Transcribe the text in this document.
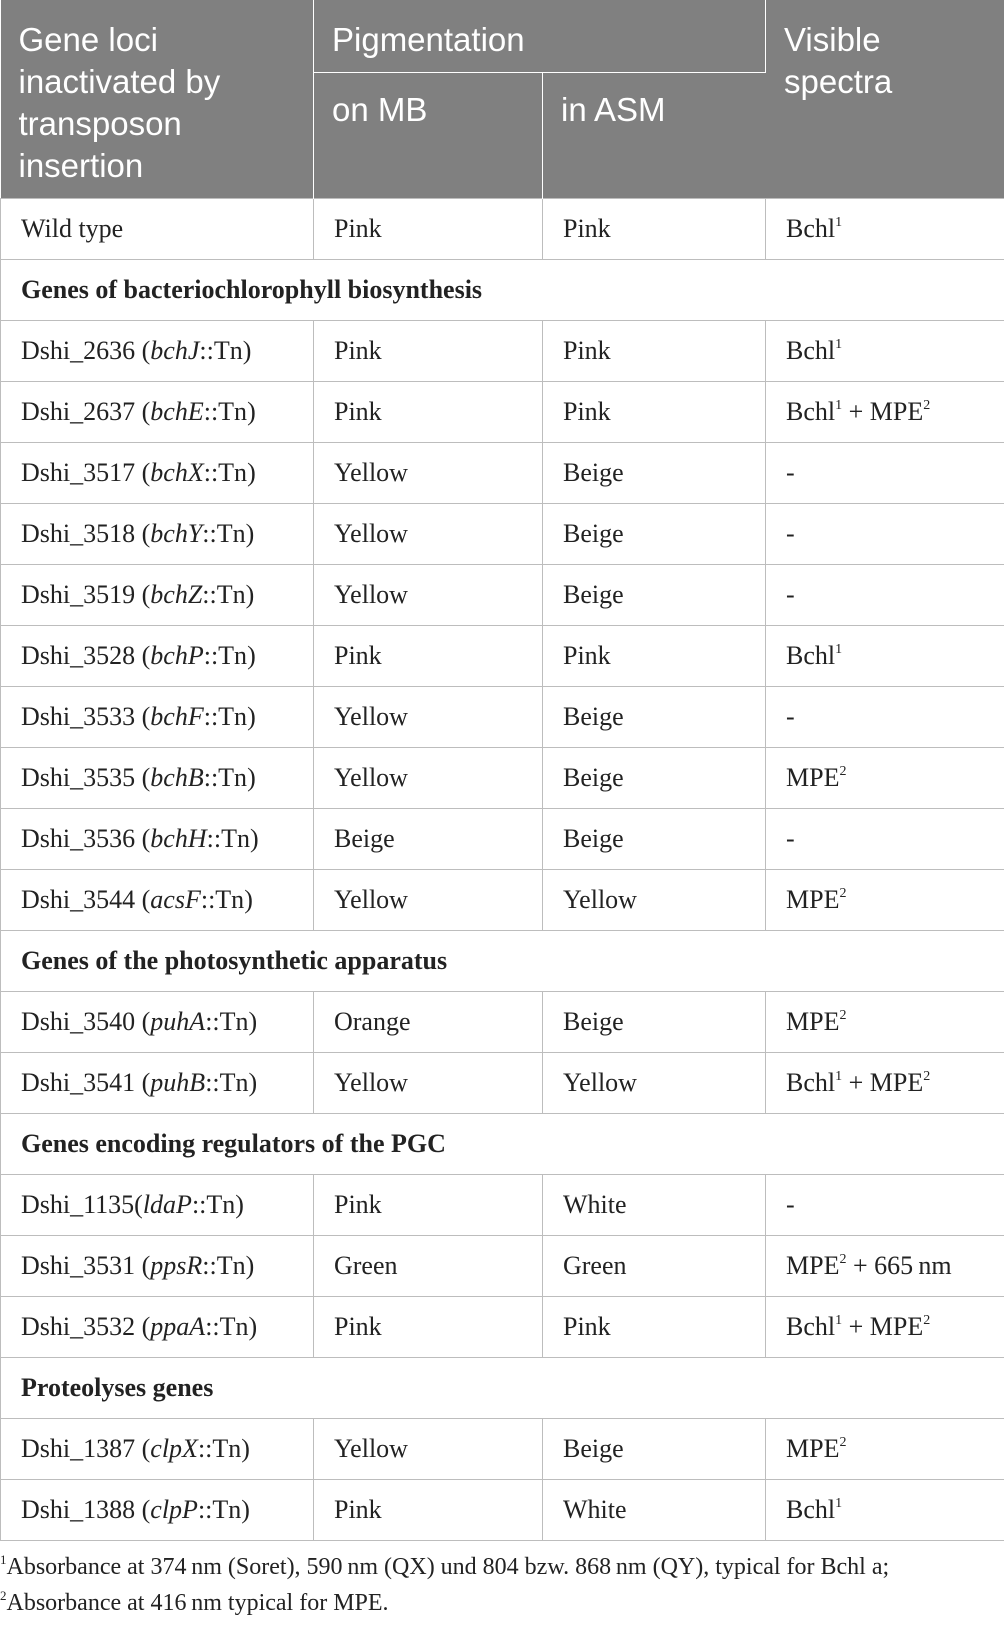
Gene loci inactivated by transposon insertion	Pigmentation		Visible spectra
	on MB	in ASM	
Wild type	Pink	Pink	Bchl$^1$
Genes of bacteriochlorophyll biosynthesis			
Dshi_2636 (bchJ::Tn)	Pink	Pink	Bchl$^1$
Dshi_2637 (bchE::Tn)	Pink	Pink	Bchl$^1$ + $MPE^2$
Dshi_3517 (bchX::Tn)	Yellow	Beige	-
Dshi_3518 (bchY::Tn)	Yellow	Beige	-
Dshi_3519 (bchZ::Tn)	Yellow	Beige	-
Dshi_3528 (bchP::Tn)	Pink	Pink	Bchl$^1$
Dshi_3533 (bchF::Tn)	Yellow	Beige	-
Dshi_3535 (bchB::Tn)	Yellow	Beige	MPE$^2$
Dshi_3536 (bchH::Tn)	Beige	Beige	-
Dshi_3544 (acsF::Tn)	Yellow	Yellow	MPE$^2$
Genes of the photosynthetic apparatus			
Dshi_3540 (puhA::Tn)	Orange	Beige	MPE$^2$
Dshi_3541 (puhB::Tn)	Yellow	Yellow	Bchl$^1$ + $MPE^2$
Genes encoding regulators of the PGC			
Dshi_1135(ldaP::Tn)	Pink	White	-
Dshi_3531 (ppsR::Tn)	Green	Green	$MPE^2 + 665$ nm
Dshi_3532 (ppaA::Tn)	Pink	Pink	Bchl$^1$ + $MPE^2$
Proteolyses genes			
Dshi_1387 (clpX::Tn)	Yellow	Beige	MPE$^2$
Dshi_1388 (clpP::Tn)	Pink	White	Bchl$^1$
$^1$Absorbance at 374 nm (Soret), 590 nm (QX) und 804 bzw. 868 nm (QY), typical for Bchl a;
$^2$Absorbance at 416 nm typical for MPE.
